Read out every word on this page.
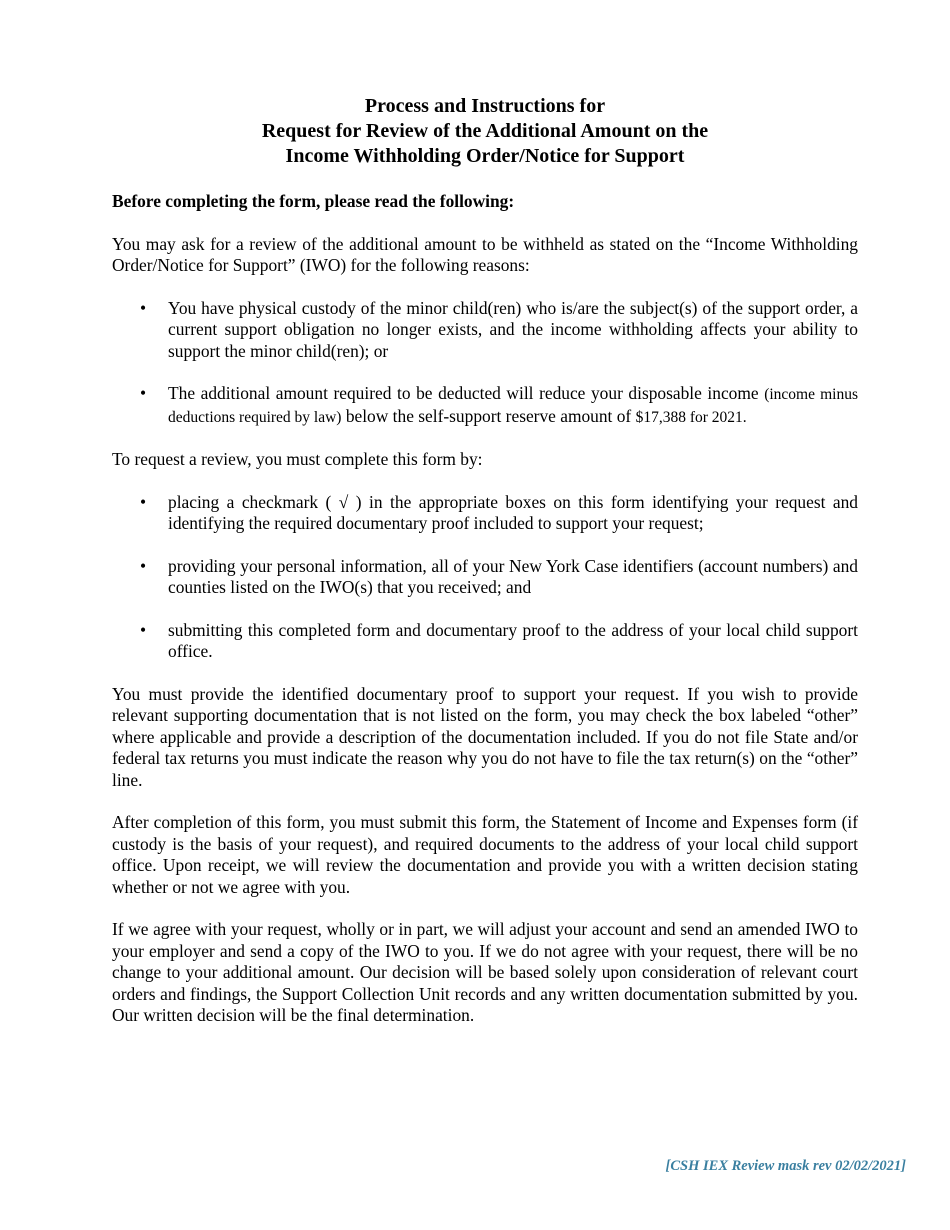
Process and Instructions for
Request for Review of the Additional Amount on the
Income Withholding Order/Notice for Support

Before completing the form, please read the following:

You may ask for a review of the additional amount to be withheld as stated on the “Income Withholding Order/Notice for Support” (IWO) for the following reasons:

• You have physical custody of the minor child(ren) who is/are the subject(s) of the support order, a current support obligation no longer exists, and the income withholding affects your ability to support the minor child(ren); or
• The additional amount required to be deducted will reduce your disposable income (income minus deductions required by law) below the self-support reserve amount of $17,388 for 2021.

To request a review, you must complete this form by:

• placing a checkmark ( √ ) in the appropriate boxes on this form identifying your request and identifying the required documentary proof included to support your request;
• providing your personal information, all of your New York Case identifiers (account numbers) and counties listed on the IWO(s) that you received; and
• submitting this completed form and documentary proof to the address of your local child support office.

You must provide the identified documentary proof to support your request. If you wish to provide relevant supporting documentation that is not listed on the form, you may check the box labeled “other” where applicable and provide a description of the documentation included. If you do not file State and/or federal tax returns you must indicate the reason why you do not have to file the tax return(s) on the “other” line.

After completion of this form, you must submit this form, the Statement of Income and Expenses form (if custody is the basis of your request), and required documents to the address of your local child support office. Upon receipt, we will review the documentation and provide you with a written decision stating whether or not we agree with you.

If we agree with your request, wholly or in part, we will adjust your account and send an amended IWO to your employer and send a copy of the IWO to you. If we do not agree with your request, there will be no change to your additional amount. Our decision will be based solely upon consideration of relevant court orders and findings, the Support Collection Unit records and any written documentation submitted by you. Our written decision will be the final determination.

[CSH IEX Review mask rev 02/02/2021]
